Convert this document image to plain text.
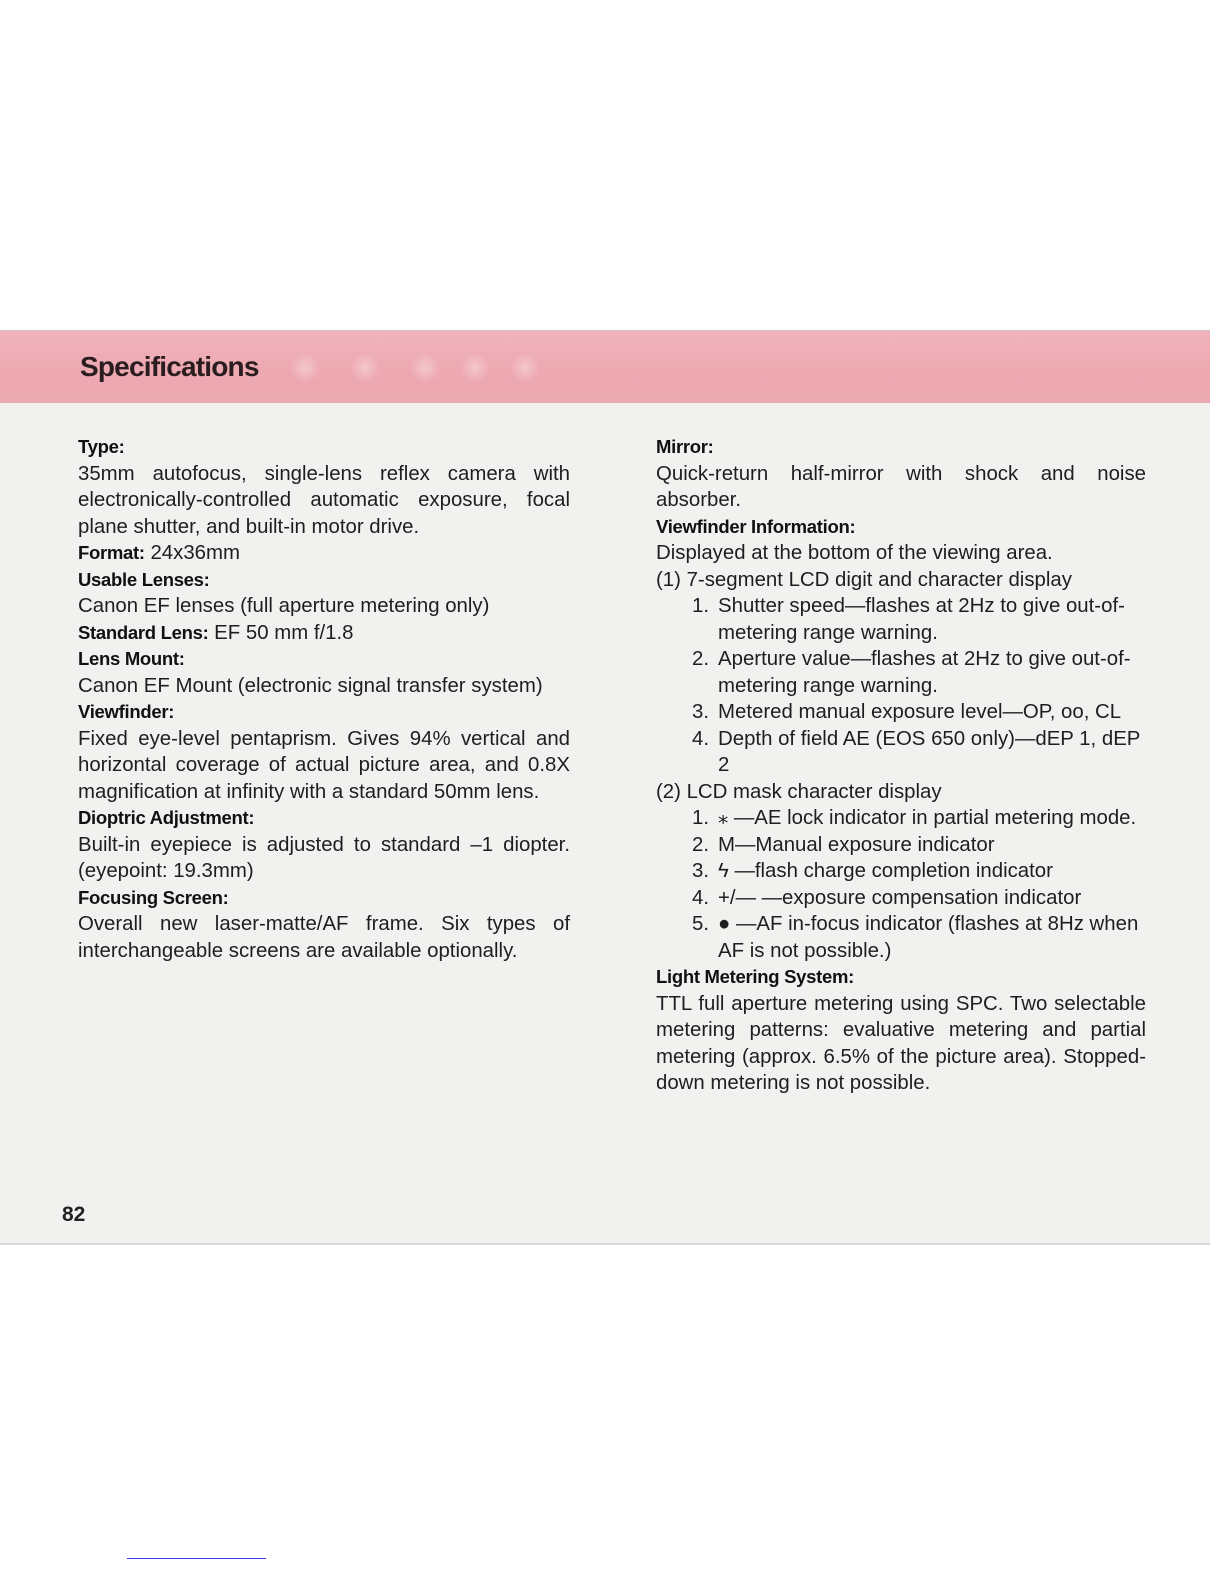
Specifications
Type:
35mm autofocus, single-lens reflex camera with electronically-controlled automatic exposure, focal plane shutter, and built-in motor drive.
Format: 24x36mm
Usable Lenses:
Canon EF lenses (full aperture metering only)
Standard Lens: EF 50 mm f/1.8
Lens Mount:
Canon EF Mount (electronic signal transfer system)
Viewfinder:
Fixed eye-level pentaprism. Gives 94% vertical and horizontal coverage of actual picture area, and 0.8X magnification at infinity with a standard 50mm lens.
Dioptric Adjustment:
Built-in eyepiece is adjusted to standard –1 diopter. (eyepoint: 19.3mm)
Focusing Screen:
Overall new laser-matte/AF frame. Six types of interchangeable screens are available optionally.
Mirror:
Quick-return half-mirror with shock and noise absorber.
Viewfinder Information:
Displayed at the bottom of the viewing area.
(1) 7-segment LCD digit and character display
1. Shutter speed—flashes at 2Hz to give out-of-metering range warning.
2. Aperture value—flashes at 2Hz to give out-of-metering range warning.
3. Metered manual exposure level—OP, oo, CL
4. Depth of field AE (EOS 650 only)—dEP 1, dEP 2
(2) LCD mask character display
1. ⁎ —AE lock indicator in partial metering mode.
2. M—Manual exposure indicator
3. ϟ —flash charge completion indicator
4. +/— —exposure compensation indicator
5. ● —AF in-focus indicator (flashes at 8Hz when AF is not possible.)
Light Metering System:
TTL full aperture metering using SPC. Two selectable metering patterns: evaluative metering and partial metering (approx. 6.5% of the picture area). Stopped-down metering is not possible.
82
